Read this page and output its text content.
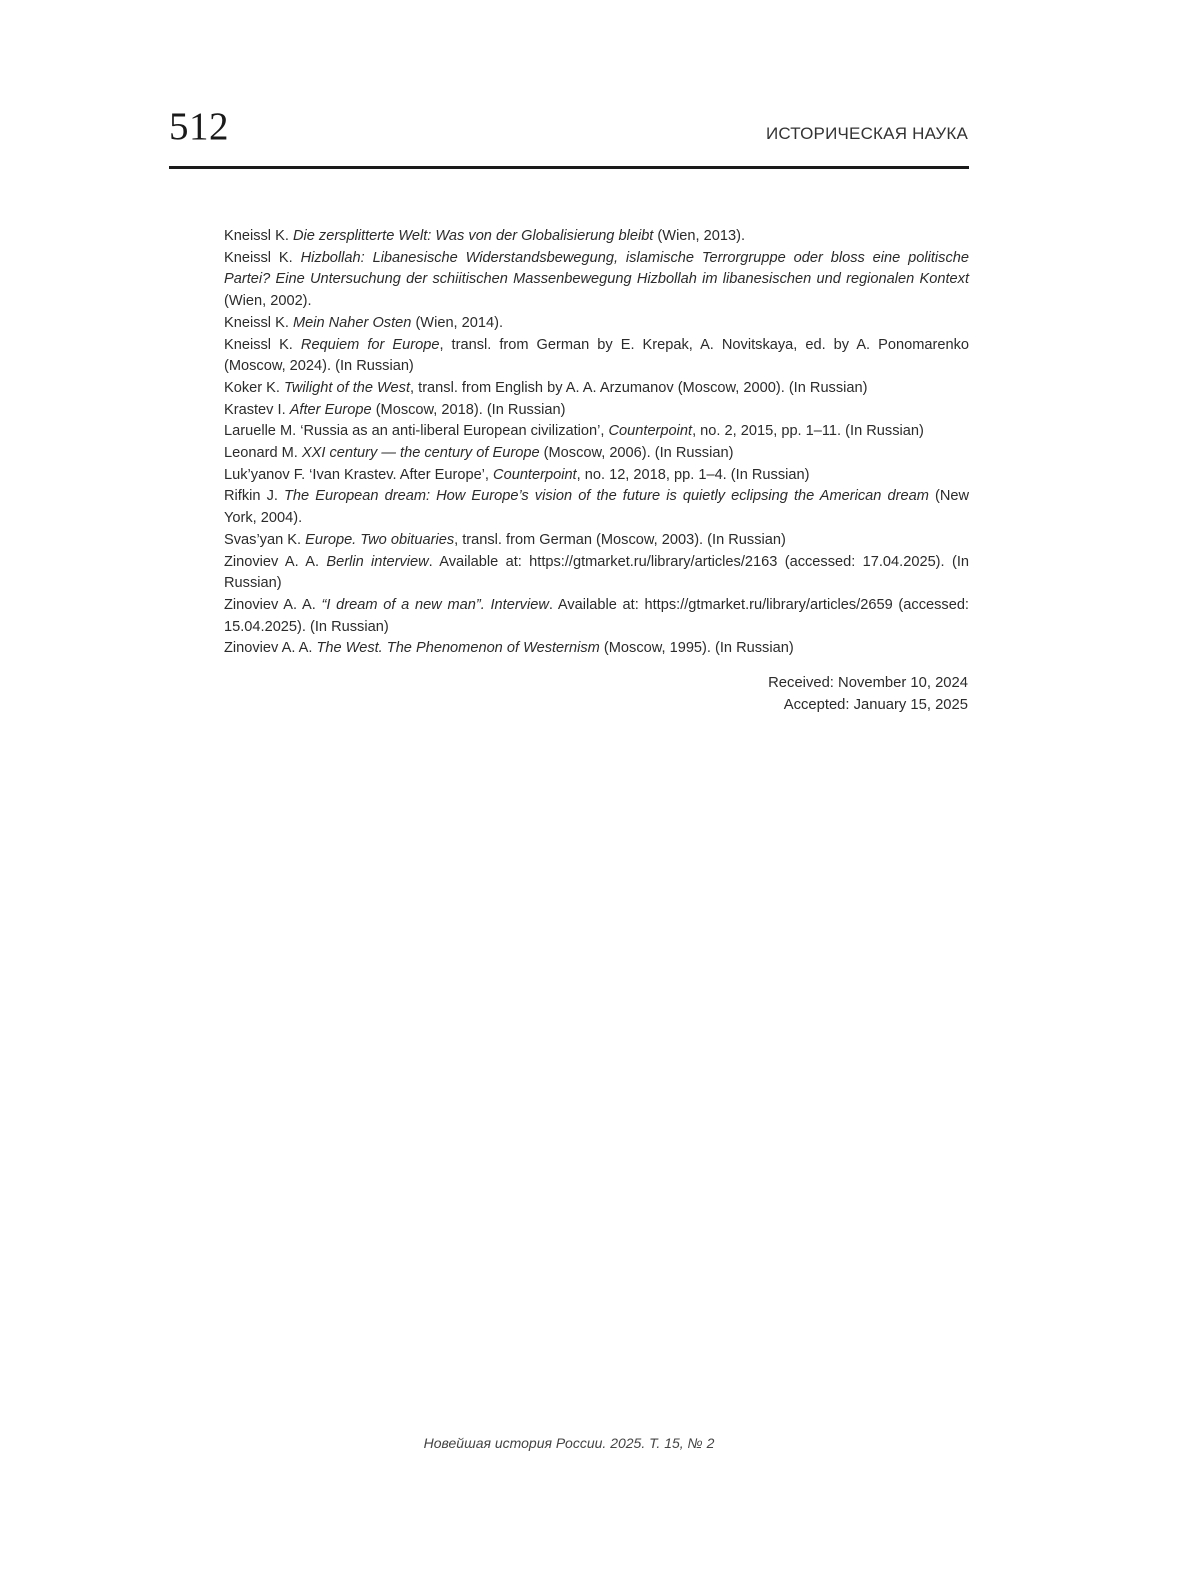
512	ИСТОРИЧЕСКАЯ НАУКА
Kneissl K. Die zersplitterte Welt: Was von der Globalisierung bleibt (Wien, 2013).
Kneissl K. Hizbollah: Libanesische Widerstandsbewegung, islamische Terrorgruppe oder bloss eine politische Partei? Eine Untersuchung der schiitischen Massenbewegung Hizbollah im libanesischen und regionalen Kontext (Wien, 2002).
Kneissl K. Mein Naher Osten (Wien, 2014).
Kneissl K. Requiem for Europe, transl. from German by E. Krepak, A. Novitskaya, ed. by A. Ponomarenko (Moscow, 2024). (In Russian)
Koker K. Twilight of the West, transl. from English by A. A. Arzumanov (Moscow, 2000). (In Russian)
Krastev I. After Europe (Moscow, 2018). (In Russian)
Laruelle M. ‘Russia as an anti-liberal European civilization’, Counterpoint, no. 2, 2015, pp. 1–11. (In Russian)
Leonard M. XXI century — the century of Europe (Moscow, 2006). (In Russian)
Luk’yanov F. ‘Ivan Krastev. After Europe’, Counterpoint, no. 12, 2018, pp. 1–4. (In Russian)
Rifkin J. The European dream: How Europe’s vision of the future is quietly eclipsing the American dream (New York, 2004).
Svas’yan K. Europe. Two obituaries, transl. from German (Moscow, 2003). (In Russian)
Zinoviev A. A. Berlin interview. Available at: https://gtmarket.ru/library/articles/2163 (accessed: 17.04.2025). (In Russian)
Zinoviev A. A. “I dream of a new man”. Interview. Available at: https://gtmarket.ru/library/articles/2659 (accessed: 15.04.2025). (In Russian)
Zinoviev A. A. The West. The Phenomenon of Westernism (Moscow, 1995). (In Russian)
Received: November 10, 2024
Accepted: January 15, 2025
Новейшая история России. 2025. Т. 15, № 2
